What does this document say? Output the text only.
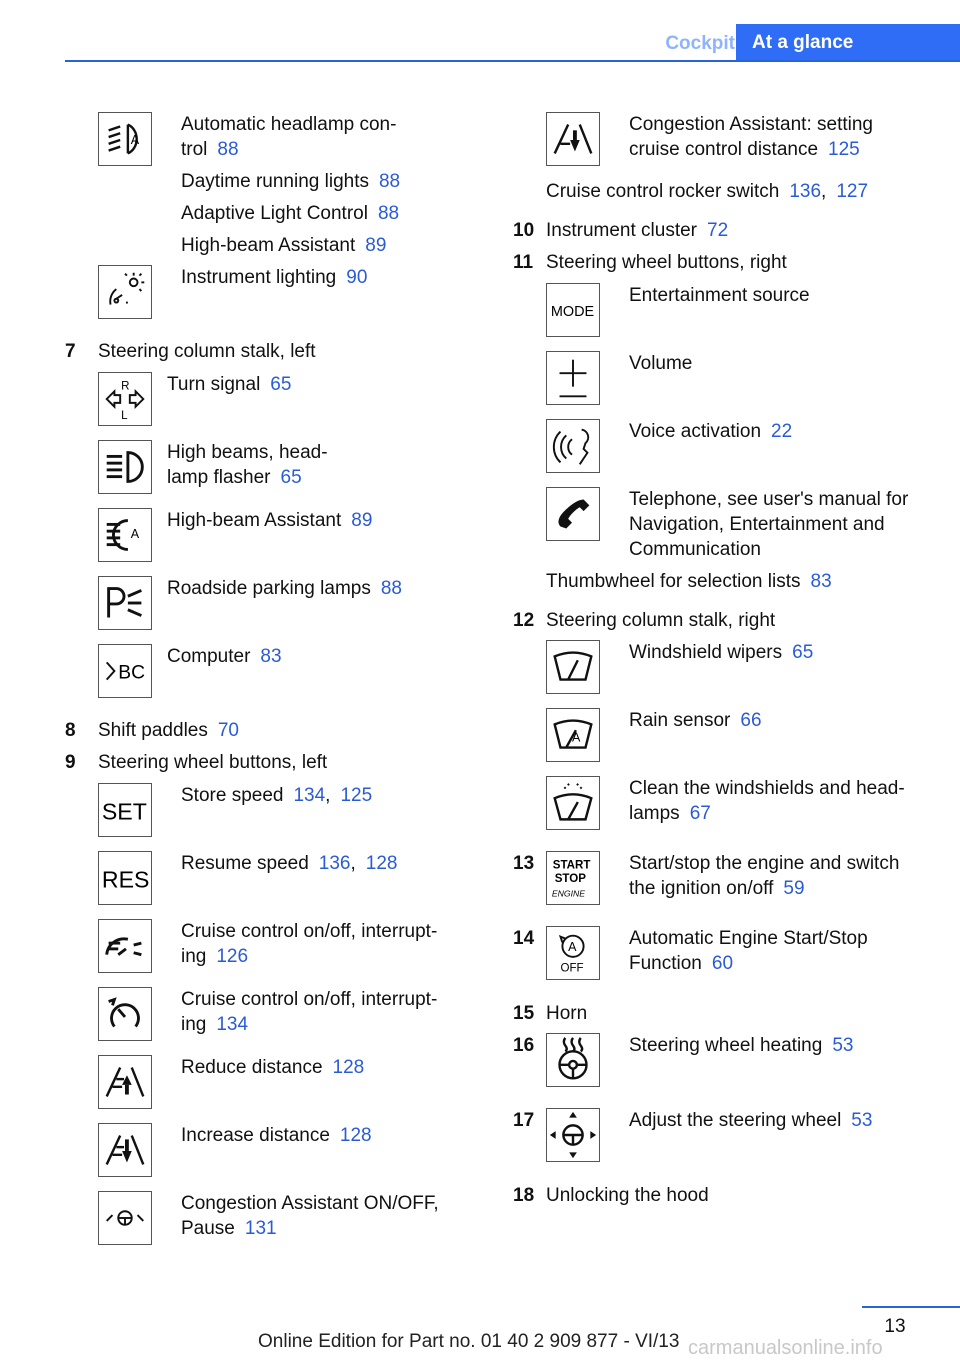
Cockpit At a glance
A
Automatic headlamp con-
trol 88
Daytime running lights 88
Adaptive Light Control 88
High-beam Assistant 89
Instrument lighting 90
7 Steering column stalk, left
R
L
Turn signal 65
High beams, head-
lamp flasher 65
A
High-beam Assistant 89
Roadside parking lamps 88
BC
Computer 83
8 Shift paddles 70
9 Steering wheel buttons, left
SET
Store speed 134, 125
RES
Resume speed 136, 128
Cruise control on/off, interrupt-
ing 126
Cruise control on/off, interrupt-
ing 134
Reduce distance 128
Increase distance 128
Congestion Assistant ON/OFF,
Pause 131
Congestion Assistant: setting
cruise control distance 125
Cruise control rocker switch 136, 127
10 Instrument cluster 72
11 Steering wheel buttons, right
MODE
Entertainment source
Volume
Voice activation 22
Telephone, see user's manual for
Navigation, Entertainment and
Communication
Thumbwheel for selection lists 83
12 Steering column stalk, right
Windshield wipers 65
A
Rain sensor 66
Clean the windshields and head-
lamps 67
13 START
STOP
ENGINE
Start/stop the engine and switch
the ignition on/off 59
14	A
OFF
Automatic Engine Start/Stop
Function 60
15 Horn
16	Steering wheel heating 53
17	Adjust the steering wheel 53
18 Unlocking the hood
13
Online Edition for Part no. 01 40 2 909 877 - VI/13 carmanualsonline.info
